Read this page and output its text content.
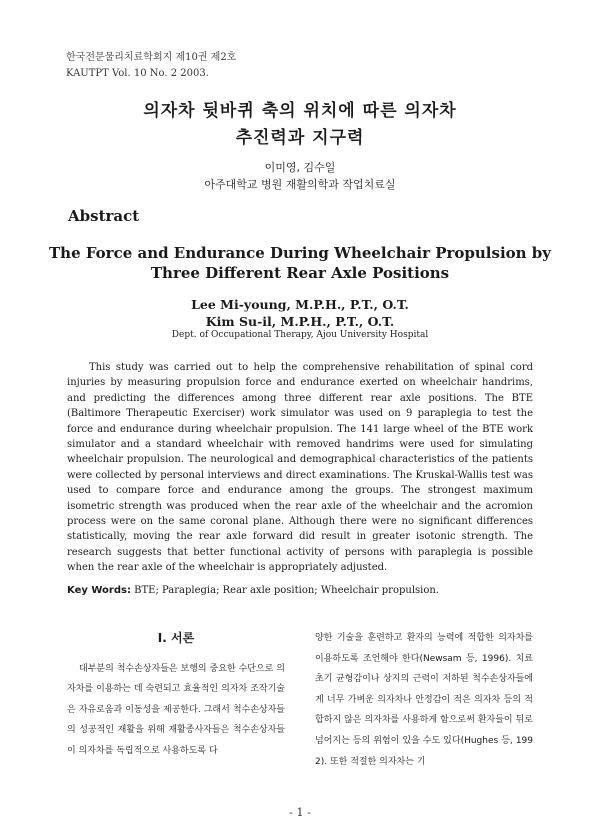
한국전문물리치료학회지 제10권 제2호
KAUTPT Vol. 10 No. 2 2003.
의자차 뒷바퀴 축의 위치에 따른 의자차
추진력과 지구력
이미영, 김수일
아주대학교 병원 재활의학과 작업치료실
Abstract
The Force and Endurance During Wheelchair Propulsion by
Three Different Rear Axle Positions
Lee Mi-young, M.P.H., P.T., O.T.
Kim Su-il, M.P.H., P.T., O.T.
Dept. of Occupational Therapy, Ajou University Hospital
This study was carried out to help the comprehensive rehabilitation of spinal cord injuries by measuring propulsion force and endurance exerted on wheelchair handrims, and predicting the differences among three different rear axle positions. The BTE (Baltimore Therapeutic Exerciser) work simulator was used on 9 paraplegia to test the force and endurance during wheelchair propulsion. The 141 large wheel of the BTE work simulator and a standard wheelchair with removed handrims were used for simulating wheelchair propulsion. The neurological and demographical characteristics of the patients were collected by personal interviews and direct examinations. The Kruskal-Wallis test was used to compare force and endurance among the groups. The strongest maximum isometric strength was produced when the rear axle of the wheelchair and the acromion process were on the same coronal plane. Although there were no significant differences statistically, moving the rear axle forward did result in greater isotonic strength. The research suggests that better functional activity of persons with paraplegia is possible when the rear axle of the wheelchair is appropriately adjusted.
Key Words: BTE; Paraplegia; Rear axle position; Wheelchair propulsion.
I. 서론

대부분의 척수손상자들은 보행의 중요한 수단으로 의자차를 이용하는 데 숙련되고 효율적인 의자차 조작기술은 자유로움과 이동성을 제공한다. 그래서 척수손상자들의 성공적인 재활을 위해 재활종사자들은 척수손상자들이 의자차를 독립적으로 사용하도록 다

양한 기술을 훈련하고 환자의 능력에 적합한 의자차를 이용하도록 조언해야 한다(Newsam 등, 1996). 치료 초기 균형감이나 상지의 근력이 저하된 척수손상자들에게 너무 가벼운 의자차나 안정감이 적은 의자차 등의 적합하지 않은 의자차를 사용하게 함으로써 환자들이 뒤로 넘어지는 등의 위험이 있을 수도 있다(Hughes 등, 1992). 또한 적절한 의자차는 기

- 1 -
